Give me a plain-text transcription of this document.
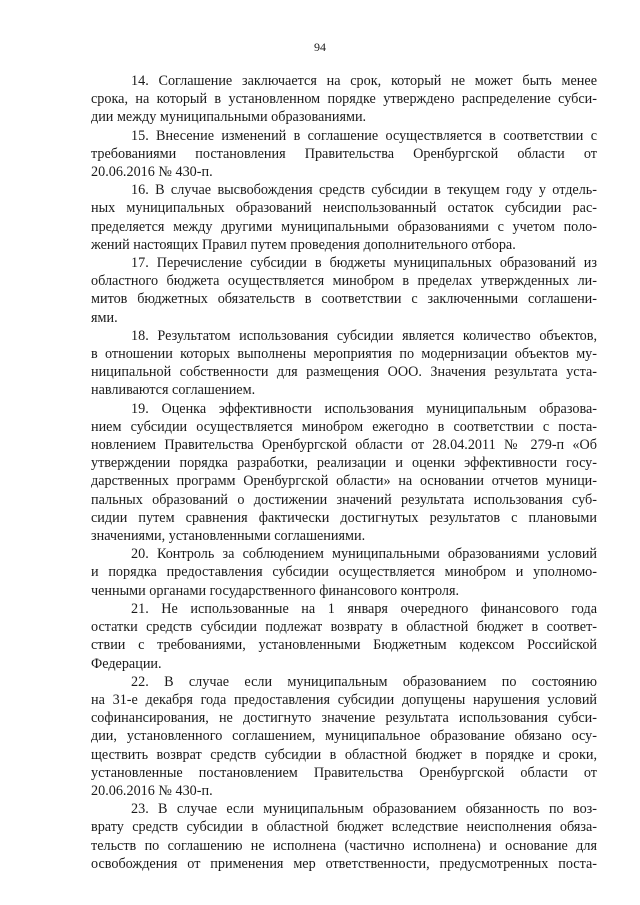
94
14. Соглашение заключается на срок, который не может быть менее
срока, на который в установленном порядке утверждено распределение субси-
дии между муниципальными образованиями.
15. Внесение изменений в соглашение осуществляется в соответствии с
требованиями постановления Правительства Оренбургской области от
20.06.2016 № 430-п.
16. В случае высвобождения средств субсидии в текущем году у отдель-
ных муниципальных образований неиспользованный остаток субсидии рас-
пределяется между другими муниципальными образованиями с учетом поло-
жений настоящих Правил путем проведения дополнительного отбора.
17. Перечисление субсидии в бюджеты муниципальных образований из
областного бюджета осуществляется минобром в пределах утвержденных ли-
митов бюджетных обязательств в соответствии с заключенными соглашени-
ями.
18. Результатом использования субсидии является количество объектов,
в отношении которых выполнены мероприятия по модернизации объектов му-
ниципальной собственности для размещения ООО. Значения результата уста-
навливаются соглашением.
19. Оценка эффективности использования муниципальным образова-
нием субсидии осуществляется минобром ежегодно в соответствии с поста-
новлением Правительства Оренбургской области от 28.04.2011 № 279-п «Об
утверждении порядка разработки, реализации и оценки эффективности госу-
дарственных программ Оренбургской области» на основании отчетов муници-
пальных образований о достижении значений результата использования суб-
сидии путем сравнения фактически достигнутых результатов с плановыми
значениями, установленными соглашениями.
20. Контроль за соблюдением муниципальными образованиями условий
и порядка предоставления субсидии осуществляется минобром и уполномо-
ченными органами государственного финансового контроля.
21. Не использованные на 1 января очередного финансового года
остатки средств субсидии подлежат возврату в областной бюджет в соответ-
ствии с требованиями, установленными Бюджетным кодексом Российской
Федерации.
22. В случае если муниципальным образованием по состоянию
на 31-е декабря года предоставления субсидии допущены нарушения условий
софинансирования, не достигнуто значение результата использования субси-
дии, установленного соглашением, муниципальное образование обязано осу-
ществить возврат средств субсидии в областной бюджет в порядке и сроки,
установленные постановлением Правительства Оренбургской области от
20.06.2016 № 430-п.
23. В случае если муниципальным образованием обязанность по воз-
врату средств субсидии в областной бюджет вследствие неисполнения обяза-
тельств по соглашению не исполнена (частично исполнена) и основание для
освобождения от применения мер ответственности, предусмотренных поста-
